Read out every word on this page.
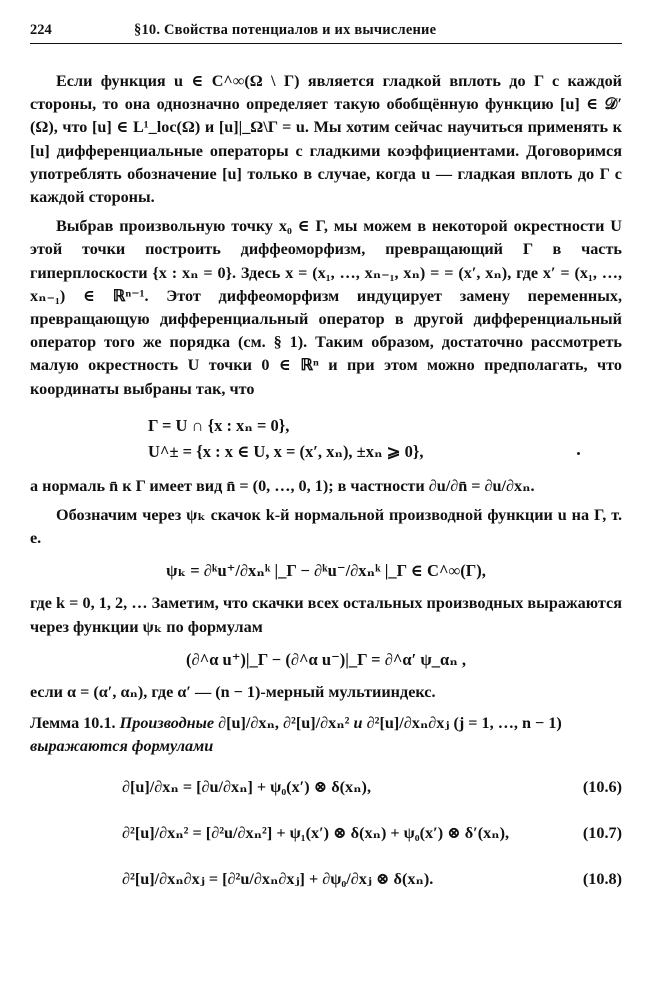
224	§10. Свойства потенциалов и их вычисление

Если функция u ∈ C^∞(Ω \ Γ) является гладкой вплоть до Γ с каждой стороны, то она однозначно определяет такую обобщённую функцию [u] ∈ 𝒟′(Ω), что [u] ∈ L¹_loc(Ω) и [u]|_Ω\Γ = u. Мы хотим сейчас научиться применять к [u] дифференциальные операторы с гладкими коэффициентами. Договоримся употреблять обозначение [u] только в случае, когда u — гладкая вплоть до Γ с каждой стороны.

Выбрав произвольную точку x₀ ∈ Γ, мы можем в некоторой окрестности U этой точки построить диффеоморфизм, превращающий Γ в часть гиперплоскости {x : xₙ = 0}. Здесь x = (x₁, …, xₙ₋₁, xₙ) = = (x′, xₙ), где x′ = (x₁, …, xₙ₋₁) ∈ ℝⁿ⁻¹. Этот диффеоморфизм индуцирует замену переменных, превращающую дифференциальный оператор в другой дифференциальный оператор того же порядка (см. § 1). Таким образом, достаточно рассмотреть малую окрестность U точки 0 ∈ ℝⁿ и при этом можно предполагать, что координаты выбраны так, что

Γ = U ∩ {x : xₙ = 0},
U^± = {x : x ∈ U, x = (x′, xₙ), ±xₙ ⩾ 0},

а нормаль n̄ к Γ имеет вид n̄ = (0, …, 0, 1); в частности ∂u/∂n̄ = ∂u/∂xₙ.

Обозначим через ψₖ скачок k-й нормальной производной функции u на Γ, т. е.

ψₖ = ∂ᵏu⁺/∂xₙᵏ |_Γ − ∂ᵏu⁻/∂xₙᵏ |_Γ ∈ C^∞(Γ),

где k = 0, 1, 2, … Заметим, что скачки всех остальных производных выражаются через функции ψₖ по формулам

(∂^α u⁺)|_Γ − (∂^α u⁻)|_Γ = ∂^α′ ψ_αₙ ,

если α = (α′, αₙ), где α′ — (n − 1)-мерный мультииндекс.

Лемма 10.1. Производные ∂[u]/∂xₙ, ∂²[u]/∂xₙ² и ∂²[u]/∂xₙ∂xⱼ (j = 1, …, n − 1)
выражаются формулами
∂[u]/∂xₙ = [∂u/∂xₙ] + ψ₀(x′) ⊗ δ(xₙ),	(10.6)
∂²[u]/∂xₙ² = [∂²u/∂xₙ²] + ψ₁(x′) ⊗ δ(xₙ) + ψ₀(x′) ⊗ δ′(xₙ),	(10.7)
∂²[u]/∂xₙ∂xⱼ = [∂²u/∂xₙ∂xⱼ] + ∂ψ₀/∂xⱼ ⊗ δ(xₙ).	(10.8)
